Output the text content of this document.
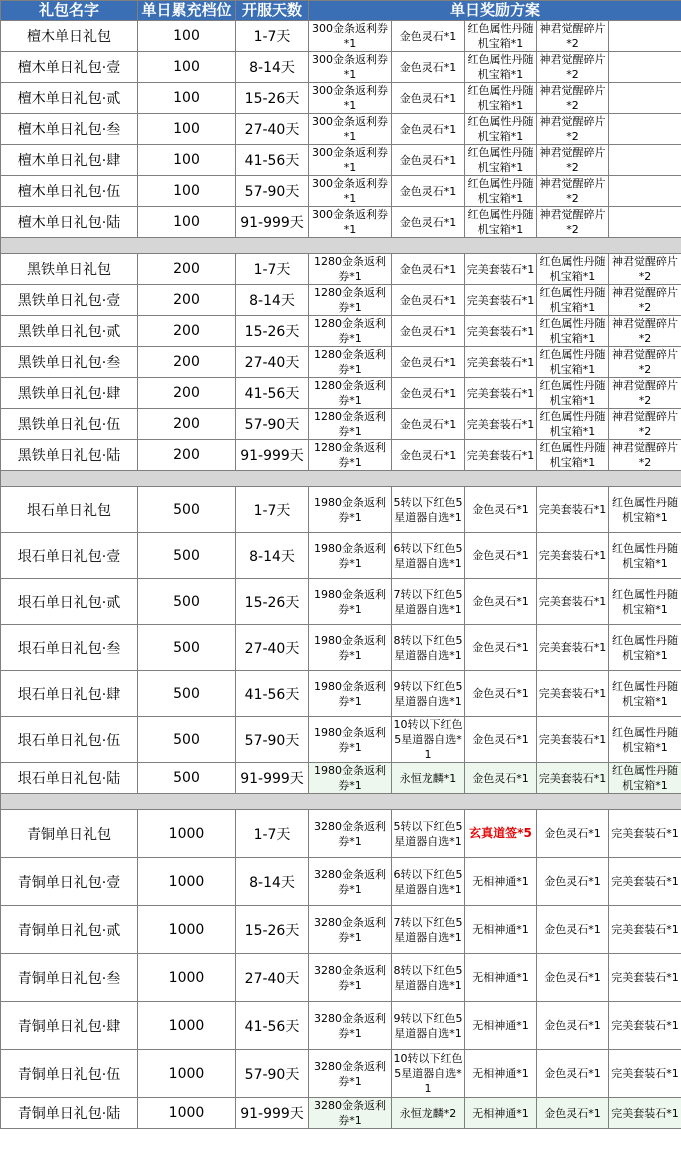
礼包名字	单日累充档位	开服天数	单日奖励方案				
檀木单日礼包	100	1-7天	300金条返利券*1	金色灵石*1	红色属性丹随机宝箱*1	神君觉醒碎片*2	
檀木单日礼包·壹	100	8-14天	300金条返利券*1	金色灵石*1	红色属性丹随机宝箱*1	神君觉醒碎片*2	
檀木单日礼包·贰	100	15-26天	300金条返利券*1	金色灵石*1	红色属性丹随机宝箱*1	神君觉醒碎片*2	
檀木单日礼包·叁	100	27-40天	300金条返利券*1	金色灵石*1	红色属性丹随机宝箱*1	神君觉醒碎片*2	
檀木单日礼包·肆	100	41-56天	300金条返利券*1	金色灵石*1	红色属性丹随机宝箱*1	神君觉醒碎片*2	
檀木单日礼包·伍	100	57-90天	300金条返利券*1	金色灵石*1	红色属性丹随机宝箱*1	神君觉醒碎片*2	
檀木单日礼包·陆	100	91-999天	300金条返利券*1	金色灵石*1	红色属性丹随机宝箱*1	神君觉醒碎片*2	

黑铁单日礼包	200	1-7天	1280金条返利券*1	金色灵石*1	完美套装石*1	红色属性丹随机宝箱*1	神君觉醒碎片*2
黑铁单日礼包·壹	200	8-14天	1280金条返利券*1	金色灵石*1	完美套装石*1	红色属性丹随机宝箱*1	神君觉醒碎片*2
黑铁单日礼包·贰	200	15-26天	1280金条返利券*1	金色灵石*1	完美套装石*1	红色属性丹随机宝箱*1	神君觉醒碎片*2
黑铁单日礼包·叁	200	27-40天	1280金条返利券*1	金色灵石*1	完美套装石*1	红色属性丹随机宝箱*1	神君觉醒碎片*2
黑铁单日礼包·肆	200	41-56天	1280金条返利券*1	金色灵石*1	完美套装石*1	红色属性丹随机宝箱*1	神君觉醒碎片*2
黑铁单日礼包·伍	200	57-90天	1280金条返利券*1	金色灵石*1	完美套装石*1	红色属性丹随机宝箱*1	神君觉醒碎片*2
黑铁单日礼包·陆	200	91-999天	1280金条返利券*1	金色灵石*1	完美套装石*1	红色属性丹随机宝箱*1	神君觉醒碎片*2

垠石单日礼包	500	1-7天	1980金条返利券*1	5转以下红色5星道器自选*1	金色灵石*1	完美套装石*1	红色属性丹随机宝箱*1
垠石单日礼包·壹	500	8-14天	1980金条返利券*1	6转以下红色5星道器自选*1	金色灵石*1	完美套装石*1	红色属性丹随机宝箱*1
垠石单日礼包·贰	500	15-26天	1980金条返利券*1	7转以下红色5星道器自选*1	金色灵石*1	完美套装石*1	红色属性丹随机宝箱*1
垠石单日礼包·叁	500	27-40天	1980金条返利券*1	8转以下红色5星道器自选*1	金色灵石*1	完美套装石*1	红色属性丹随机宝箱*1
垠石单日礼包·肆	500	41-56天	1980金条返利券*1	9转以下红色5星道器自选*1	金色灵石*1	完美套装石*1	红色属性丹随机宝箱*1
垠石单日礼包·伍	500	57-90天	1980金条返利券*1	10转以下红色5星道器自选*1	金色灵石*1	完美套装石*1	红色属性丹随机宝箱*1
垠石单日礼包·陆	500	91-999天	1980金条返利券*1	永恒龙麟*1	金色灵石*1	完美套装石*1	红色属性丹随机宝箱*1

青铜单日礼包	1000	1-7天	3280金条返利券*1	5转以下红色5星道器自选*1	玄真道签*5	金色灵石*1	完美套装石*1
青铜单日礼包·壹	1000	8-14天	3280金条返利券*1	6转以下红色5星道器自选*1	无相神通*1	金色灵石*1	完美套装石*1
青铜单日礼包·贰	1000	15-26天	3280金条返利券*1	7转以下红色5星道器自选*1	无相神通*1	金色灵石*1	完美套装石*1
青铜单日礼包·叁	1000	27-40天	3280金条返利券*1	8转以下红色5星道器自选*1	无相神通*1	金色灵石*1	完美套装石*1
青铜单日礼包·肆	1000	41-56天	3280金条返利券*1	9转以下红色5星道器自选*1	无相神通*1	金色灵石*1	完美套装石*1
青铜单日礼包·伍	1000	57-90天	3280金条返利券*1	10转以下红色5星道器自选*1	无相神通*1	金色灵石*1	完美套装石*1
青铜单日礼包·陆	1000	91-999天	3280金条返利券*1	永恒龙麟*2	无相神通*1	金色灵石*1	完美套装石*1
